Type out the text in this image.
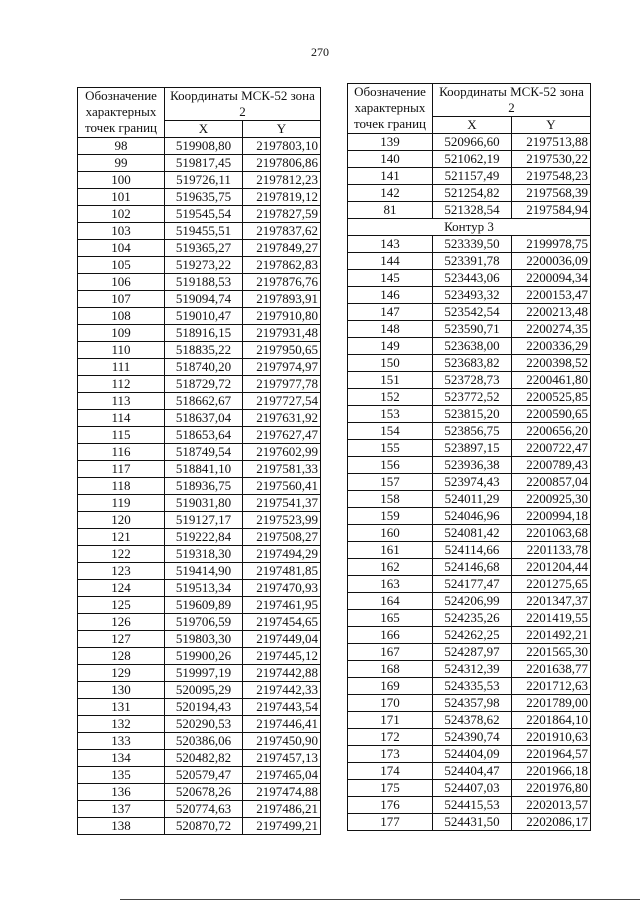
270
Обозначение характерных точек границ	Координаты МСК-52 зона 2	
	X	Y
98	519908,80	2197803,10
99	519817,45	2197806,86
100	519726,11	2197812,23
101	519635,75	2197819,12
102	519545,54	2197827,59
103	519455,51	2197837,62
104	519365,27	2197849,27
105	519273,22	2197862,83
106	519188,53	2197876,76
107	519094,74	2197893,91
108	519010,47	2197910,80
109	518916,15	2197931,48
110	518835,22	2197950,65
111	518740,20	2197974,97
112	518729,72	2197977,78
113	518662,67	2197727,54
114	518637,04	2197631,92
115	518653,64	2197627,47
116	518749,54	2197602,99
117	518841,10	2197581,33
118	518936,75	2197560,41
119	519031,80	2197541,37
120	519127,17	2197523,99
121	519222,84	2197508,27
122	519318,30	2197494,29
123	519414,90	2197481,85
124	519513,34	2197470,93
125	519609,89	2197461,95
126	519706,59	2197454,65
127	519803,30	2197449,04
128	519900,26	2197445,12
129	519997,19	2197442,88
130	520095,29	2197442,33
131	520194,43	2197443,54
132	520290,53	2197446,41
133	520386,06	2197450,90
134	520482,82	2197457,13
135	520579,47	2197465,04
136	520678,26	2197474,88
137	520774,63	2197486,21
138	520870,72	2197499,21
Обозначение характерных точек границ	Координаты МСК-52 зона 2	
	X	Y
139	520966,60	2197513,88
140	521062,19	2197530,22
141	521157,49	2197548,23
142	521254,82	2197568,39
81	521328,54	2197584,94
Контур 3		
143	523339,50	2199978,75
144	523391,78	2200036,09
145	523443,06	2200094,34
146	523493,32	2200153,47
147	523542,54	2200213,48
148	523590,71	2200274,35
149	523638,00	2200336,29
150	523683,82	2200398,52
151	523728,73	2200461,80
152	523772,52	2200525,85
153	523815,20	2200590,65
154	523856,75	2200656,20
155	523897,15	2200722,47
156	523936,38	2200789,43
157	523974,43	2200857,04
158	524011,29	2200925,30
159	524046,96	2200994,18
160	524081,42	2201063,68
161	524114,66	2201133,78
162	524146,68	2201204,44
163	524177,47	2201275,65
164	524206,99	2201347,37
165	524235,26	2201419,55
166	524262,25	2201492,21
167	524287,97	2201565,30
168	524312,39	2201638,77
169	524335,53	2201712,63
170	524357,98	2201789,00
171	524378,62	2201864,10
172	524390,74	2201910,63
173	524404,09	2201964,57
174	524404,47	2201966,18
175	524407,03	2201976,80
176	524415,53	2202013,57
177	524431,50	2202086,17
